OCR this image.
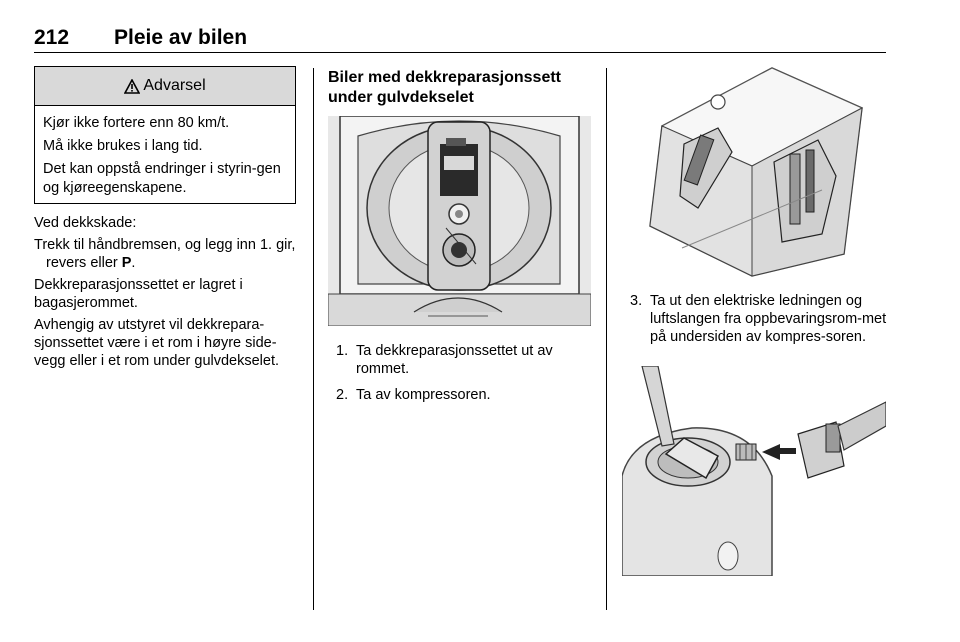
212 Pleie av bilen
Advarsel

Kjør ikke fortere enn 80 km/t.

Må ikke brukes i lang tid.

Det kan oppstå endringer i styrin-gen og kjøreegenskapene.

Ved dekkskade:

Trekk til håndbremsen, og legg inn 1. gir, revers eller P.

Dekkreparasjonssettet er lagret i bagasjerommet.

Avhengig av utstyret vil dekkrepara-sjonssettet være i et rom i høyre side-vegg eller i et rom under gulvdekselet.

Biler med dekkreparasjonssett under gulvdekselet
1. Ta dekkreparasjonssettet ut av rommet.
2. Ta av kompressoren.
3. Ta ut den elektriske ledningen og luftslangen fra oppbevaringsrom-met på undersiden av kompres-soren.
